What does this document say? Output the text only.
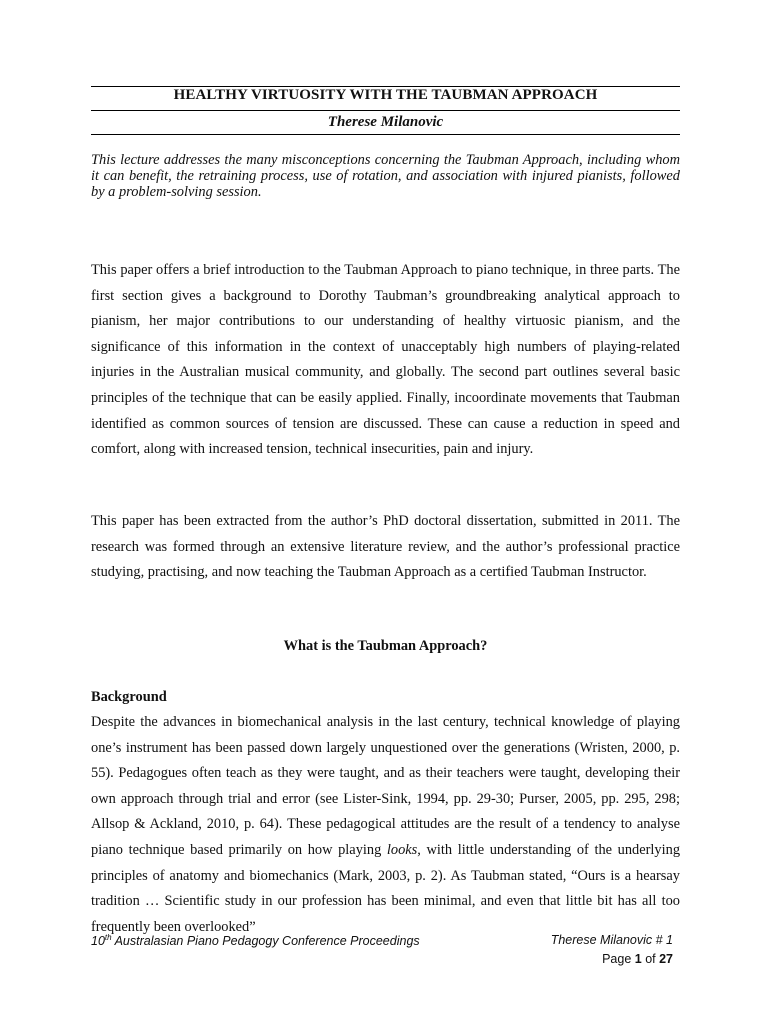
HEALTHY VIRTUOSITY WITH THE TAUBMAN APPROACH
Therese Milanovic
This lecture addresses the many misconceptions concerning the Taubman Approach, including whom it can benefit, the retraining process, use of rotation, and association with injured pianists, followed by a problem-solving session.

This paper offers a brief introduction to the Taubman Approach to piano technique, in three parts. The first section gives a background to Dorothy Taubman’s groundbreaking analytical approach to pianism, her major contributions to our understanding of healthy virtuosic pianism, and the significance of this information in the context of unacceptably high numbers of playing-related injuries in the Australian musical community, and globally. The second part outlines several basic principles of the technique that can be easily applied. Finally, incoordinate movements that Taubman identified as common sources of tension are discussed. These can cause a reduction in speed and comfort, along with increased tension, technical insecurities, pain and injury.

This paper has been extracted from the author’s PhD doctoral dissertation, submitted in 2011. The research was formed through an extensive literature review, and the author’s professional practice studying, practising, and now teaching the Taubman Approach as a certified Taubman Instructor.

What is the Taubman Approach?
Background

Despite the advances in biomechanical analysis in the last century, technical knowledge of playing one’s instrument has been passed down largely unquestioned over the generations (Wristen, 2000, p. 55). Pedagogues often teach as they were taught, and as their teachers were taught, developing their own approach through trial and error (see Lister-Sink, 1994, pp. 29-30; Purser, 2005, pp. 295, 298; Allsop & Ackland, 2010, p. 64). These pedagogical attitudes are the result of a tendency to analyse piano technique based primarily on how playing looks, with little understanding of the underlying principles of anatomy and biomechanics (Mark, 2003, p. 2). As Taubman stated, “Ours is a hearsay tradition … Scientific study in our profession has been minimal, and even that little bit has all too frequently been overlooked”

10th Australasian Piano Pedagogy Conference Proceedings	Therese Milanovic # 1
Page 1 of 27
